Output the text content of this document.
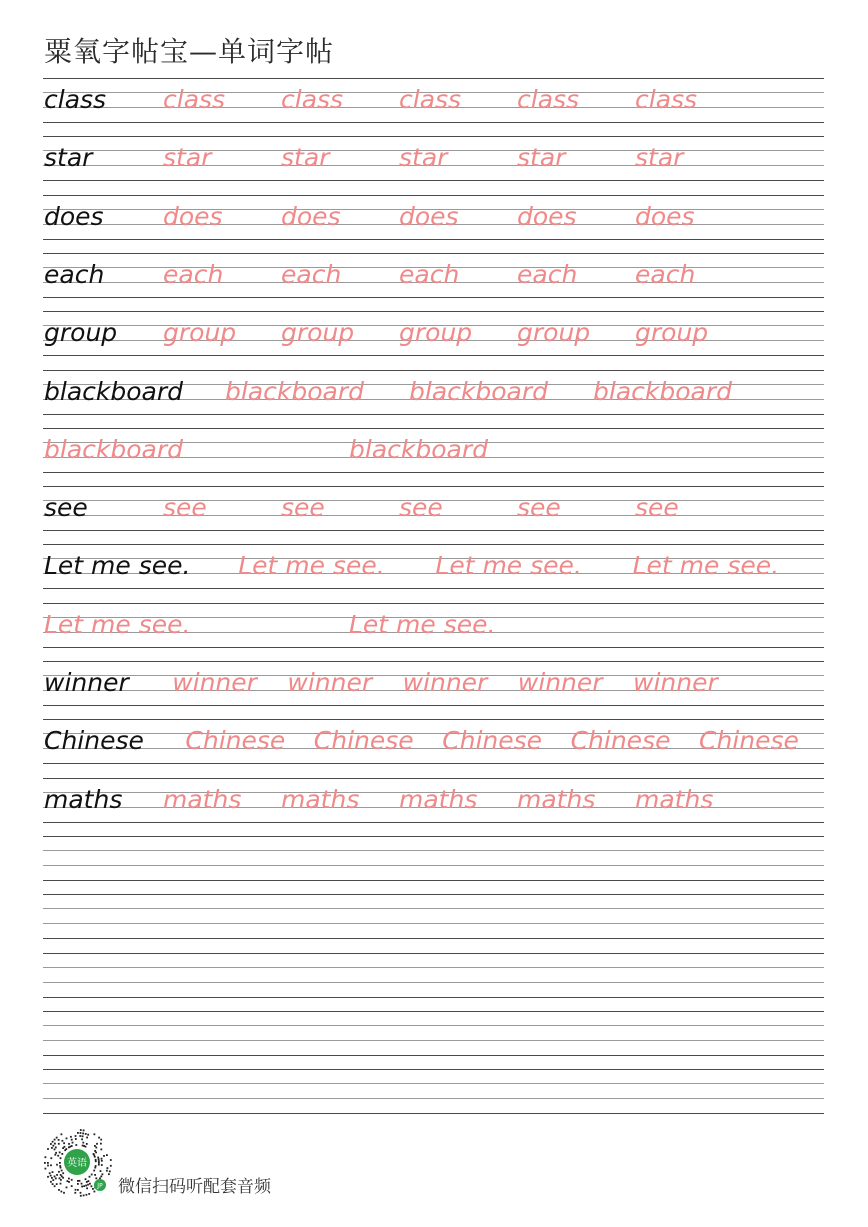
粟氧字帖宝—单词字帖
class class class class class class
star	star	star	star	star	star
does does does does does does
each each each each each each
group group group group group group
blackboard blackboard blackboard blackboard
blackboard	blackboard
see	see	see	see	see	see
Let me see. Let me see. Let me see. Let me see.
Let me see.	Let me see.
winner winner winner winner winner winner
Chinese Chinese Chinese Chinese Chinese Chinese
maths maths maths maths maths maths
英语
JP 微信扫码听配套音频
